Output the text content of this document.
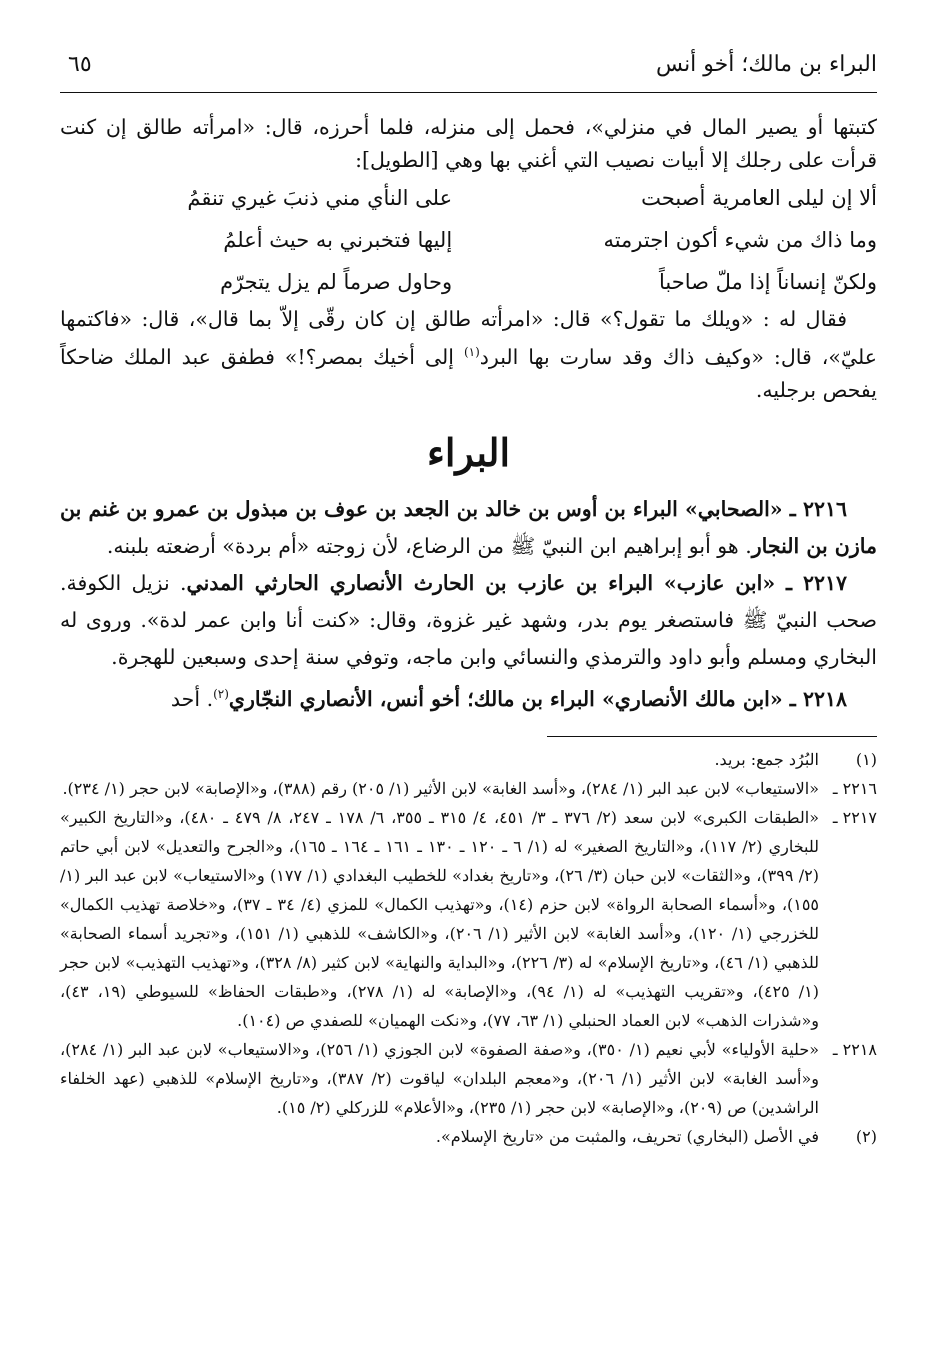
البراء بن مالك؛ أخو أنس
٦٥

كتبتها أو يصير المال في منزلي»، فحمل إلى منزله، فلما أحرزه، قال: «امرأته طالق إن كنت قرأت على رجلك إلا أبيات نصيب التي أغني بها وهي [الطويل]:

ألا إن ليلى العامرية أصبحت
على النأي مني ذنبَ غيري تنقمُ
وما ذاك من شيء أكون اجترمته
إليها فتخبرني به حيث أعلمُ
ولكنّ إنساناً إذا ملّ صاحباً
وحاول صرماً لم يزل يتجرّم

فقال له : «ويلك ما تقول؟» قال: «امرأته طالق إن كان رقّى إلاّ بما قال»، قال: «فاكتمها عليّ»، قال: «وكيف ذاك وقد سارت بها البرد$^{(١)}$ إلى أخيك بمصر؟!» فطفق عبد الملك ضاحكاً يفحص برجليه.

البراء

٢٢١٦ ـ «الصحابي» البراء بن أوس بن خالد بن الجعد بن عوف بن مبذول بن عمرو بن غنم بن مازن بن النجار. هو أبو إبراهيم ابن النبيّ ﷺ من الرضاع، لأن زوجته «أم بردة» أرضعته بلبنه.

٢٢١٧ ـ «ابن عازب» البراء بن عازب بن الحارث الأنصاري الحارثي المدني. نزيل الكوفة. صحب النبيّ ﷺ فاستصغر يوم بدر، وشهد غير غزوة، وقال: «كنت أنا وابن عمر لدة». وروى له البخاري ومسلم وأبو داود والترمذي والنسائي وابن ماجه، وتوفي سنة إحدى وسبعين للهجرة.

٢٢١٨ ـ «ابن مالك الأنصاري» البراء بن مالك؛ أخو أنس، الأنصاري النجّاري$^{(٢)}$. أحد

(١)
البُرُد جمع: بريد.
٢٢١٦ ـ
«الاستيعاب» لابن عبد البر (١/ ٢٨٤)، و«أسد الغابة» لابن الأثير (١/ ٢٠٥) رقم (٣٨٨)، و«الإصابة» لابن حجر (١/ ٢٣٤).
٢٢١٧ ـ
«الطبقات الكبرى» لابن سعد (٢/ ٣٧٦ ـ ٣/ ٤٥١، ٤/ ٣١٥ ـ ٣٥٥، ٦/ ١٧٨ ـ ٢٤٧، ٨/ ٤٧٩ ـ ٤٨٠)، و«التاريخ الكبير» للبخاري (٢/ ١١٧)، و«التاريخ الصغير» له (١/ ٦ ـ ١٢٠ ـ ١٣٠ ـ ١٦١ ـ ١٦٤ ـ ١٦٥)، و«الجرح والتعديل» لابن أبي حاتم (٢/ ٣٩٩)، و«الثقات» لابن حبان (٣/ ٢٦)، و«تاريخ بغداد» للخطيب البغدادي (١/ ١٧٧) و«الاستيعاب» لابن عبد البر (١/ ١٥٥)، و«أسماء الصحابة الرواة» لابن حزم (١٤)، و«تهذيب الكمال» للمزي (٤/ ٣٤ ـ ٣٧)، و«خلاصة تهذيب الكمال» للخزرجي (١/ ١٢٠)، و«أسد الغابة» لابن الأثير (١/ ٢٠٦)، و«الكاشف» للذهبي (١/ ١٥١)، و«تجريد أسماء الصحابة» للذهبي (١/ ٤٦)، و«تاريخ الإسلام» له (٣/ ٢٢٦)، و«البداية والنهاية» لابن كثير (٨/ ٣٢٨)، و«تهذيب التهذيب» لابن حجر (١/ ٤٢٥)، و«تقريب التهذيب» له (١/ ٩٤)، و«الإصابة» له (١/ ٢٧٨)، و«طبقات الحفاظ» للسيوطي (١٩، ٤٣)، و«شذرات الذهب» لابن العماد الحنبلي (١/ ٦٣، ٧٧)، و«نكت الهميان» للصفدي ص (١٠٤).
٢٢١٨ ـ
«حلية الأولياء» لأبي نعيم (١/ ٣٥٠)، و«صفة الصفوة» لابن الجوزي (١/ ٢٥٦)، و«الاستيعاب» لابن عبد البر (١/ ٢٨٤)، و«أسد الغابة» لابن الأثير (١/ ٢٠٦)، و«معجم البلدان» لياقوت (٢/ ٣٨٧)، و«تاريخ الإسلام» للذهبي (عهد الخلفاء الراشدين) ص (٢٠٩)، و«الإصابة» لابن حجر (١/ ٢٣٥)، و«الأعلام» للزركلي (٢/ ١٥).
(٢)
في الأصل (البخاري) تحريف، والمثبت من «تاريخ الإسلام».
